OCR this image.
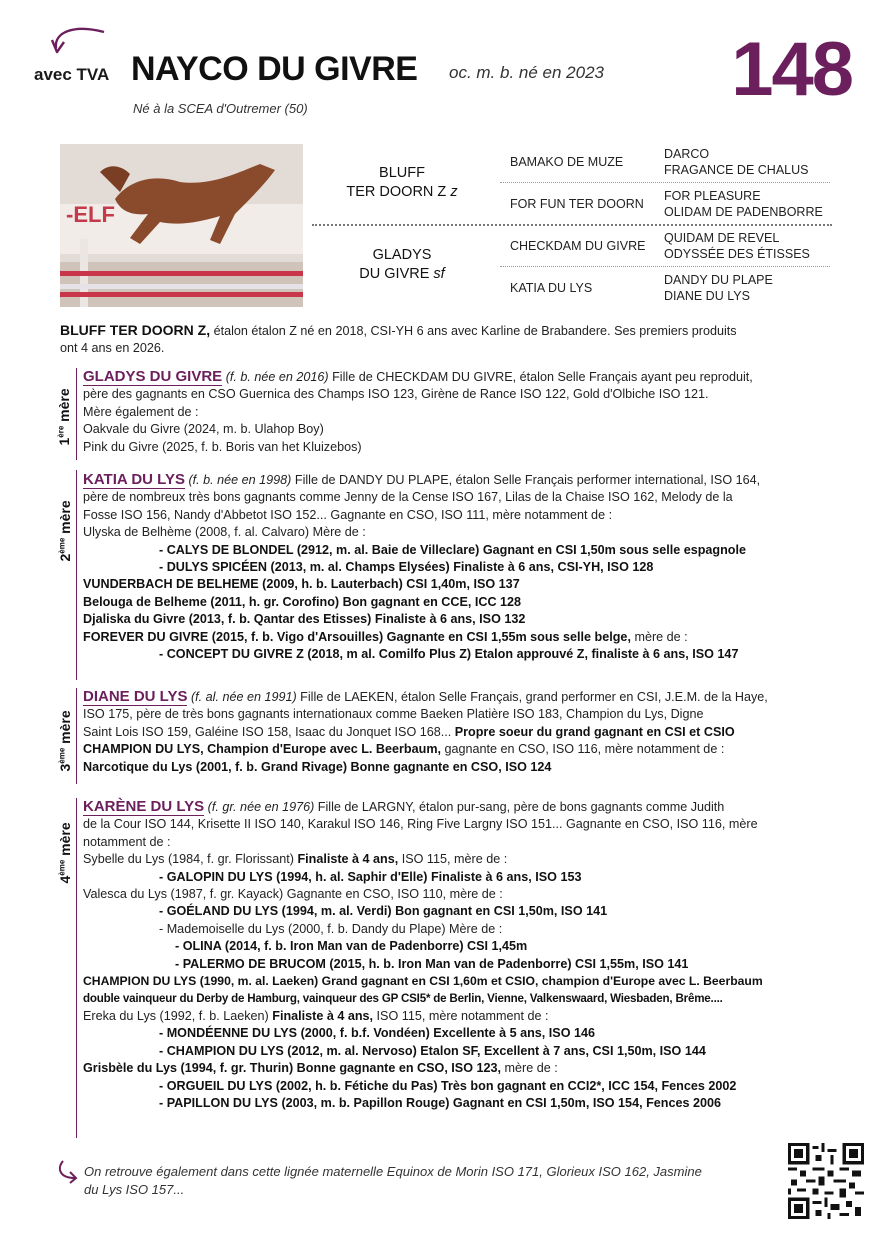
avec TVA NAYCO DU GIVRE oc. m. b. né en 2023
Né à la SCEA d'Outremer (50)	148
-ELF
BLUFF
TER DOORN Z z
GLADYS
DU GIVRE sf
BAMAKO DE MUZE
FOR FUN TER DOORN
CHECKDAM DU GIVRE
KATIA DU LYS
DARCO
FRAGANCE DE CHALUS
FOR PLEASURE
OLIDAM DE PADENBORRE
QUIDAM DE REVEL
ODYSSÉE DES ÉTISSES
DANDY DU PLAPE
DIANE DU LYS
BLUFF TER DOORN Z, étalon étalon Z né en 2018, CSI-YH 6 ans avec Karline de Brabandere. Ses premiers produits
ont 4 ans en 2026.
1ère mère
GLADYS DU GIVRE (f. b. née en 2016) Fille de CHECKDAM DU GIVRE, étalon Selle Français ayant peu reproduit,
père des gagnants en CSO Guernica des Champs ISO 123, Girène de Rance ISO 122, Gold d'Olbiche ISO 121.
Mère également de :
Oakvale du Givre (2024, m. b. Ulahop Boy)
Pink du Givre (2025, f. b. Boris van het Kluizebos)
2ème mère
KATIA DU LYS (f. b. née en 1998) Fille de DANDY DU PLAPE, étalon Selle Français performer international, ISO 164,
père de nombreux très bons gagnants comme Jenny de la Cense ISO 167, Lilas de la Chaise ISO 162, Melody de la
Fosse ISO 156, Nandy d'Abbetot ISO 152... Gagnante en CSO, ISO 111, mère notamment de :
Ulyska de Belhème (2008, f. al. Calvaro) Mère de :
- CALYS DE BLONDEL (2912, m. al. Baie de Villeclare) Gagnant en CSI 1,50m sous selle espagnole
- DULYS SPICÉEN (2013, m. al. Champs Elysées) Finaliste à 6 ans, CSI-YH, ISO 128
VUNDERBACH DE BELHEME (2009, h. b. Lauterbach) CSI 1,40m, ISO 137
Belouga de Belheme (2011, h. gr. Corofino) Bon gagnant en CCE, ICC 128
Djaliska du Givre (2013, f. b. Qantar des Etisses) Finaliste à 6 ans, ISO 132
FOREVER DU GIVRE (2015, f. b. Vigo d'Arsouilles) Gagnante en CSI 1,55m sous selle belge, mère de :
- CONCEPT DU GIVRE Z (2018, m al. Comilfo Plus Z) Etalon approuvé Z, finaliste à 6 ans, ISO 147
3ème mère
DIANE DU LYS (f. al. née en 1991) Fille de LAEKEN, étalon Selle Français, grand performer en CSI, J.E.M. de la Haye,
ISO 175, père de très bons gagnants internationaux comme Baeken Platière ISO 183, Champion du Lys, Digne
Saint Lois ISO 159, Galéine ISO 158, Isaac du Jonquet ISO 168... Propre soeur du grand gagnant en CSI et CSIO
CHAMPION DU LYS, Champion d'Europe avec L. Beerbaum, gagnante en CSO, ISO 116, mère notamment de :
Narcotique du Lys (2001, f. b. Grand Rivage) Bonne gagnante en CSO, ISO 124
4ème mère
KARÈNE DU LYS (f. gr. née en 1976) Fille de LARGNY, étalon pur-sang, père de bons gagnants comme Judith
de la Cour ISO 144, Krisette II ISO 140, Karakul ISO 146, Ring Five Largny ISO 151... Gagnante en CSO, ISO 116, mère
notamment de :
Sybelle du Lys (1984, f. gr. Florissant) Finaliste à 4 ans, ISO 115, mère de :
- GALOPIN DU LYS (1994, h. al. Saphir d'Elle) Finaliste à 6 ans, ISO 153
Valesca du Lys (1987, f. gr. Kayack) Gagnante en CSO, ISO 110, mère de :
- GOÉLAND DU LYS (1994, m. al. Verdi) Bon gagnant en CSI 1,50m, ISO 141
- Mademoiselle du Lys (2000, f. b. Dandy du Plape) Mère de :
- OLINA (2014, f. b. Iron Man van de Padenborre) CSI 1,45m
- PALERMO DE BRUCOM (2015, h. b. Iron Man van de Padenborre) CSI 1,55m, ISO 141
CHAMPION DU LYS (1990, m. al. Laeken) Grand gagnant en CSI 1,60m et CSIO, champion d'Europe avec L. Beerbaum
double vainqueur du Derby de Hamburg, vainqueur des GP CSI5* de Berlin, Vienne, Valkenswaard, Wiesbaden, Brême....
Ereka du Lys (1992, f. b. Laeken) Finaliste à 4 ans, ISO 115, mère notamment de :
- MONDÉENNE DU LYS (2000, f. b.f. Vondéen) Excellente à 5 ans, ISO 146
- CHAMPION DU LYS (2012, m. al. Nervoso) Etalon SF, Excellent à 7 ans, CSI 1,50m, ISO 144
Grisbèle du Lys (1994, f. gr. Thurin) Bonne gagnante en CSO, ISO 123, mère de :
- ORGUEIL DU LYS (2002, h. b. Fétiche du Pas) Très bon gagnant en CCI2*, ICC 154, Fences 2002
- PAPILLON DU LYS (2003, m. b. Papillon Rouge) Gagnant en CSI 1,50m, ISO 154, Fences 2006
On retrouve également dans cette lignée maternelle Equinox de Morin ISO 171, Glorieux ISO 162, Jasmine
du Lys ISO 157...
